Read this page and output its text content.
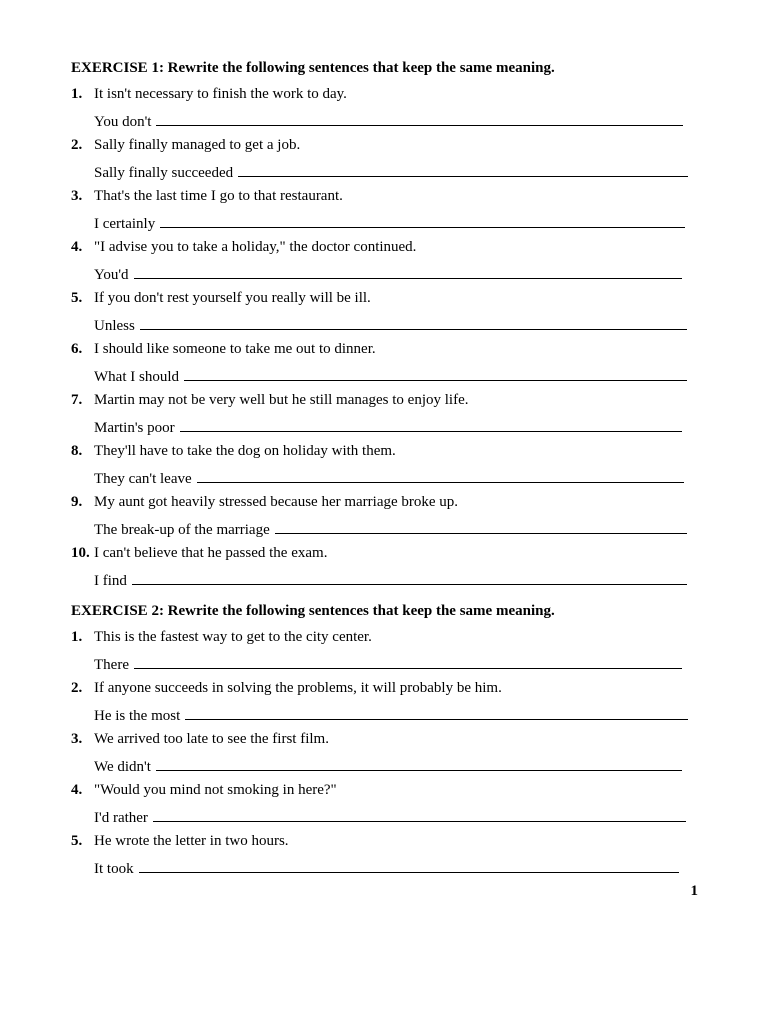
EXERCISE 1: Rewrite the following sentences that keep the same meaning.
1. It isn't necessary to finish the work to day.
You don't
2. Sally finally managed to get a job.
Sally finally succeeded
3. That's the last time I go to that restaurant.
I certainly
4. "I advise you to take a holiday," the doctor continued.
You'd
5. If you don't rest yourself you really will be ill.
Unless
6. I should like someone to take me out to dinner.
What I should
7. Martin may not be very well but he still manages to enjoy life.
Martin's poor
8. They'll have to take the dog on holiday with them.
They can't leave
9. My aunt got heavily stressed because her marriage broke up.
The break-up of the marriage
10. I can't believe that he passed the exam.
I find
EXERCISE 2: Rewrite the following sentences that keep the same meaning.
1. This is the fastest way to get to the city center.
There
2. If anyone succeeds in solving the problems, it will probably be him.
He is the most
3. We arrived too late to see the first film.
We didn't
4. "Would you mind not smoking in here?"
I'd rather
5. He wrote the letter in two hours.
It took
1
